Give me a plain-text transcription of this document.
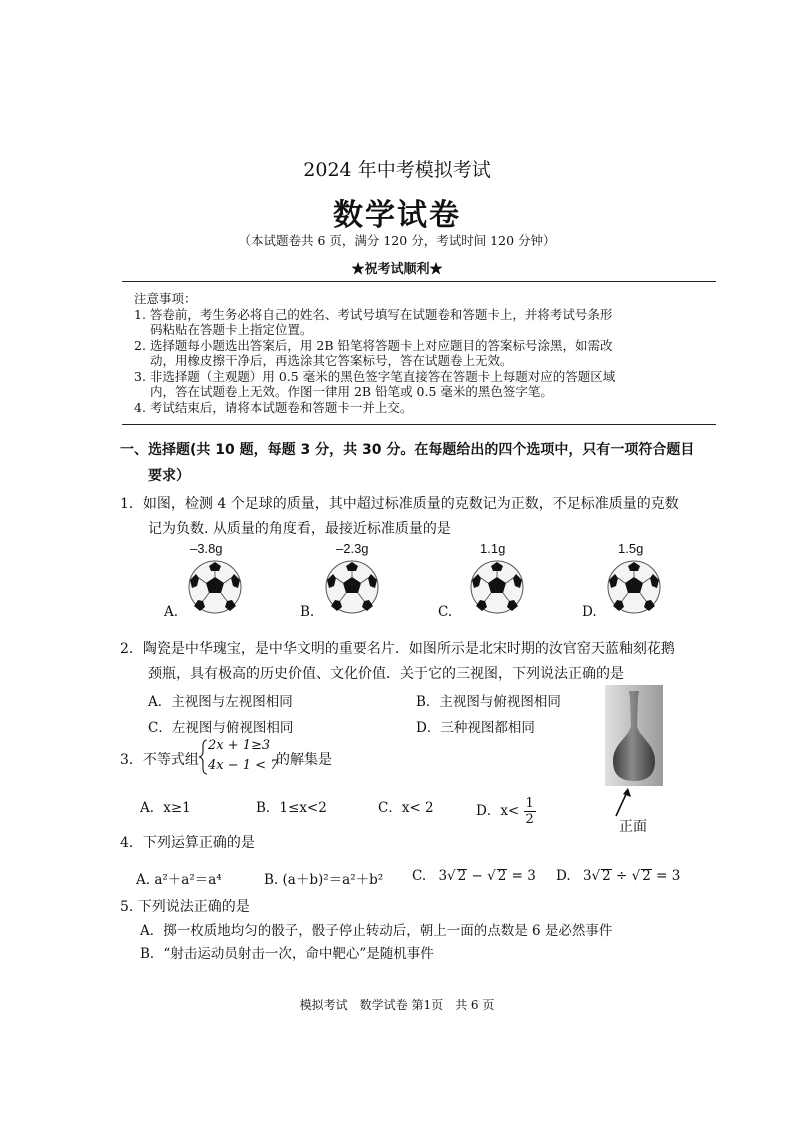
2024 年中考模拟考试
数学试卷
（本试题卷共 6 页，满分 120 分，考试时间 120 分钟）
★祝考试顺利★
注意事项：
1. 答卷前，考生务必将自己的姓名、考试号填写在试题卷和答题卡上，并将考试号条形
码粘贴在答题卡上指定位置。
2. 选择题每小题选出答案后，用 2B 铅笔将答题卡上对应题目的答案标号涂黑，如需改
动，用橡皮擦干净后，再选涂其它答案标号，答在试题卷上无效。
3. 非选择题（主观题）用 0.5 毫米的黑色签字笔直接答在答题卡上每题对应的答题区域
内，答在试题卷上无效。作图一律用 2B 铅笔或 0.5 毫米的黑色签字笔。
4. 考试结束后，请将本试题卷和答题卡一并上交。
一、选择题(共 10 题，每题 3 分，共 30 分。在每题给出的四个选项中，只有一项符合题目
要求）
1．如图，检测 4 个足球的质量，其中超过标准质量的克数记为正数，不足标准质量的克数
记为负数. 从质量的角度看，最接近标准质量的是
–3.8g
A.
–2.3g
B.
1.1g
C.
1.5g
D.
2．陶瓷是中华瑰宝，是中华文明的重要名片．如图所示是北宋时期的汝官窑天蓝釉刻花鹅
颈瓶，具有极高的历史价值、文化价值．关于它的三视图，下列说法正确的是
A．主视图与左视图相同	B．主视图与俯视图相同
C．左视图与俯视图相同	D．三种视图都相同
正面
3．不等式组
2x + 1≥3
4x − 1 < 7
的解集是
A．x≥1	B．1≤x<2	C．x< 2	D．$x< \frac{1}{2}$
4．下列运算正确的是
A. a²＋a²＝a⁴	B. (a＋b)²＝a²＋b² C. 3√ 2 − √ 2 = 3 D. 3√ 2 ÷ √ 2 = 3
5. 下列说法正确的是
A．掷一枚质地均匀的骰子，骰子停止转动后，朝上一面的点数是 6 是必然事件
B．“射击运动员射击一次，命中靶心”是随机事件
模拟考试　数学试卷 第1页　共 6 页
